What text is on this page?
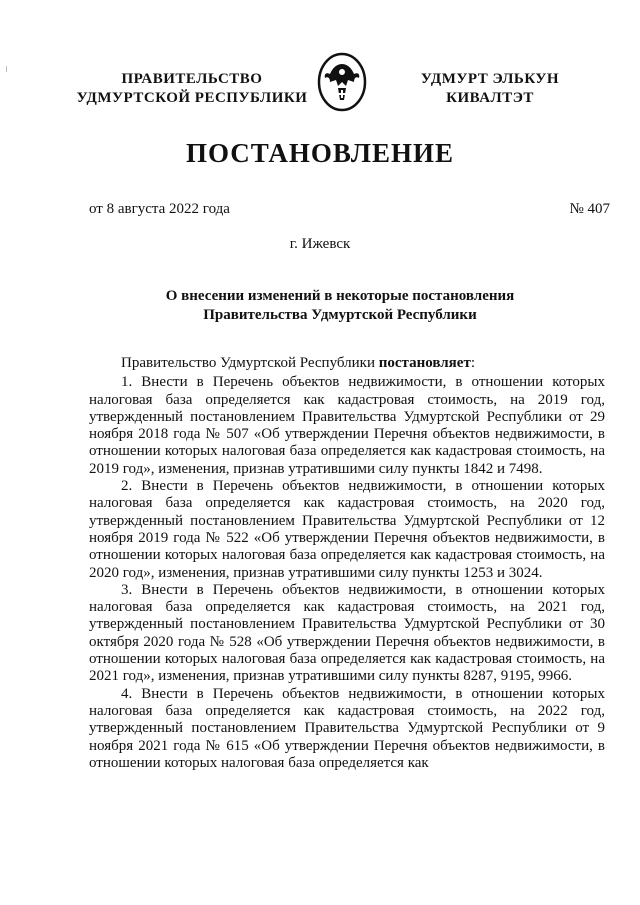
ПРАВИТЕЛЬСТВО
УДМУРТСКОЙ РЕСПУБЛИКИ
УДМУРТ ЭЛЬКУН
КИВАЛТЭТ
ПОСТАНОВЛЕНИЕ
от 8 августа 2022 года	№ 407
г. Ижевск
О внесении изменений в некоторые постановления
Правительства Удмуртской Республики

Правительство Удмуртской Республики постановляет:

1. Внести в Перечень объектов недвижимости, в отношении которых налоговая база определяется как кадастровая стоимость, на 2019 год, утвержденный постановлением Правительства Удмуртской Республики от 29 ноября 2018 года № 507 «Об утверждении Перечня объектов недвижимости, в отношении которых налоговая база определяется как кадастровая стоимость, на 2019 год», изменения, признав утратившими силу пункты 1842 и 7498.

2. Внести в Перечень объектов недвижимости, в отношении которых налоговая база определяется как кадастровая стоимость, на 2020 год, утвержденный постановлением Правительства Удмуртской Республики от 12 ноября 2019 года № 522 «Об утверждении Перечня объектов недвижимости, в отношении которых налоговая база определяется как кадастровая стоимость, на 2020 год», изменения, признав утратившими силу пункты 1253 и 3024.

3. Внести в Перечень объектов недвижимости, в отношении которых налоговая база определяется как кадастровая стоимость, на 2021 год, утвержденный постановлением Правительства Удмуртской Республики от 30 октября 2020 года № 528 «Об утверждении Перечня объектов недвижимости, в отношении которых налоговая база определяется как кадастровая стоимость, на 2021 год», изменения, признав утратившими силу пункты 8287, 9195, 9966.

4. Внести в Перечень объектов недвижимости, в отношении которых налоговая база определяется как кадастровая стоимость, на 2022 год, утвержденный постановлением Правительства Удмуртской Республики от 9 ноября 2021 года № 615 «Об утверждении Перечня объектов недвижимости, в отношении которых налоговая база определяется как
